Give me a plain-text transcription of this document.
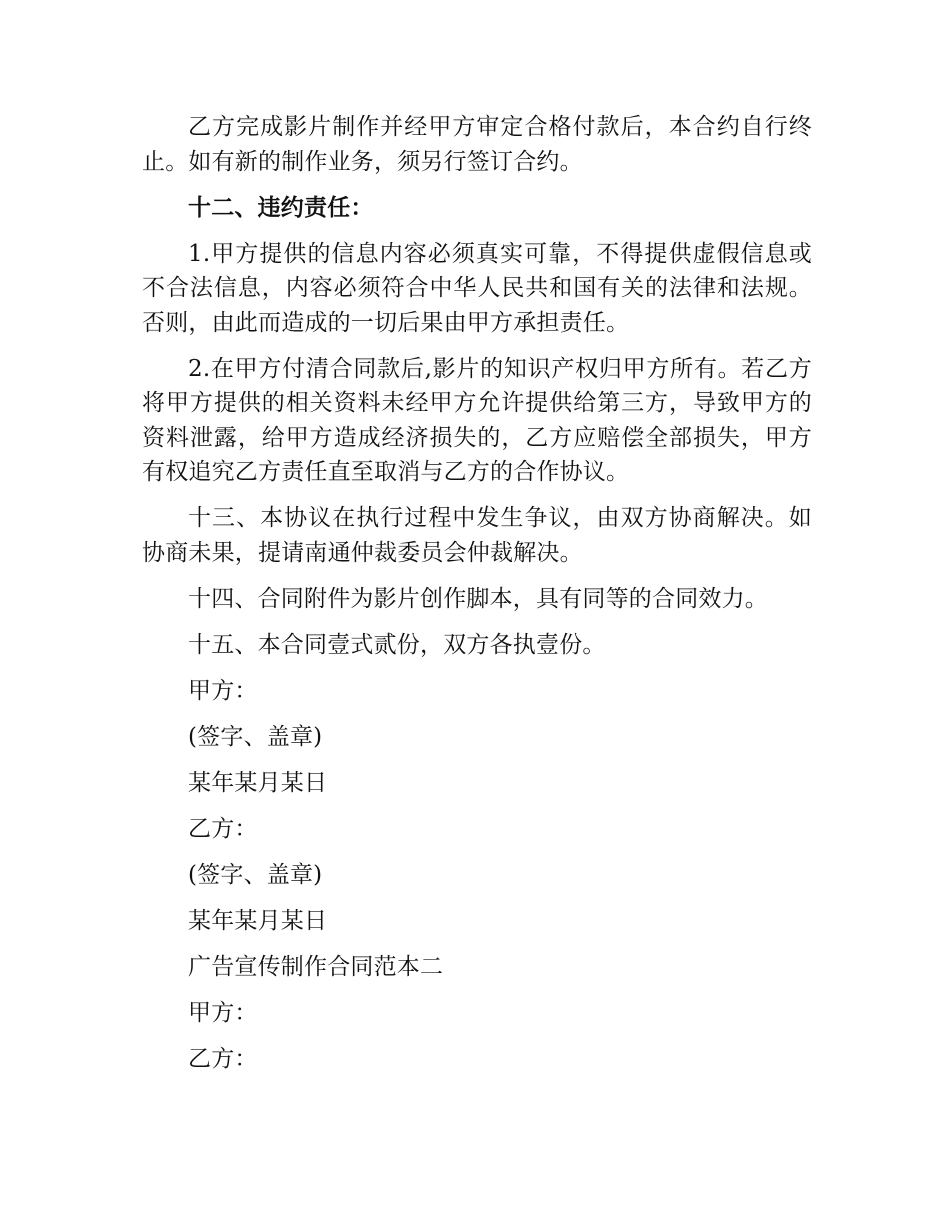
乙方完成影片制作并经甲方审定合格付款后，本合约自行终止。如有新的制作业务，须另行签订合约。

十二、违约责任：

1.甲方提供的信息内容必须真实可靠，不得提供虚假信息或不合法信息，内容必须符合中华人民共和国有关的法律和法规。否则，由此而造成的一切后果由甲方承担责任。

2.在甲方付清合同款后,影片的知识产权归甲方所有。若乙方将甲方提供的相关资料未经甲方允许提供给第三方，导致甲方的资料泄露，给甲方造成经济损失的，乙方应赔偿全部损失，甲方有权追究乙方责任直至取消与乙方的合作协议。

十三、本协议在执行过程中发生争议，由双方协商解决。如协商未果，提请南通仲裁委员会仲裁解决。

十四、合同附件为影片创作脚本，具有同等的合同效力。

十五、本合同壹式贰份，双方各执壹份。

甲方：

(签字、盖章)

某年某月某日

乙方：

(签字、盖章)

某年某月某日

广告宣传制作合同范本二

甲方：

乙方：
